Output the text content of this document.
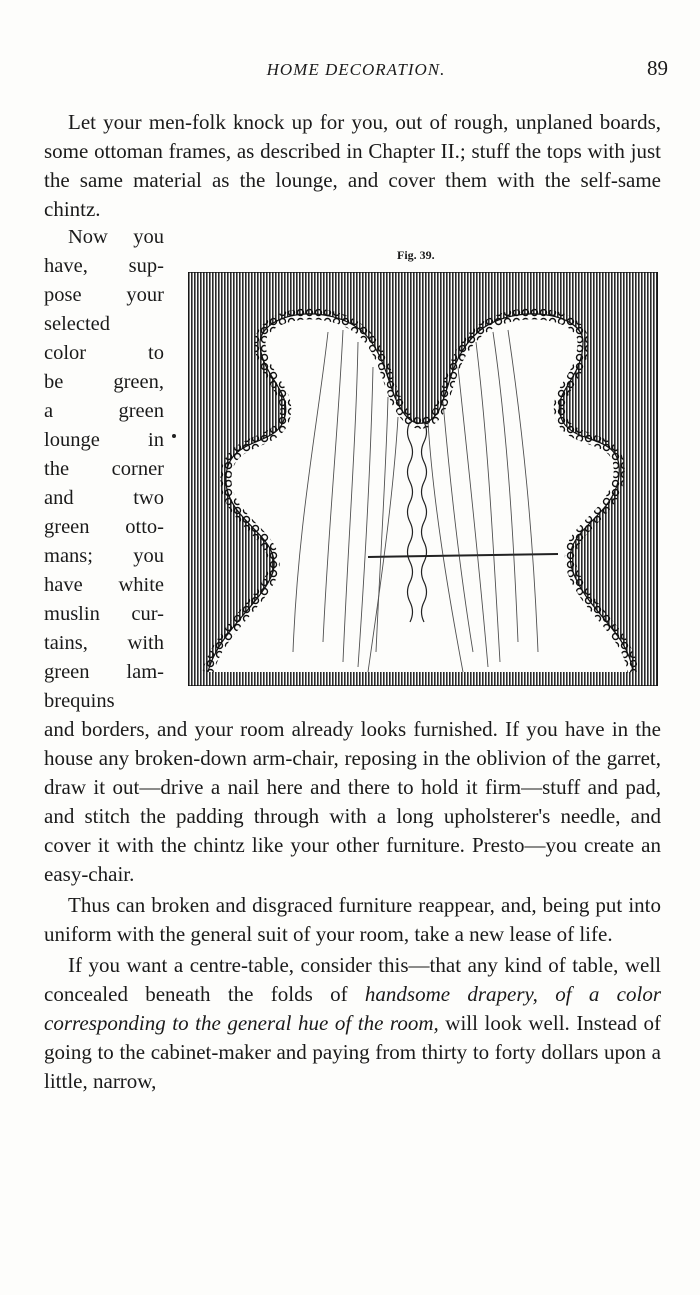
HOME DECORATION.	89

Let your men-folk knock up for you, out of rough, unplaned boards, some ottoman frames, as described in Chapter II.; stuff the tops with just the same material as the lounge, and cover them with the self-same chintz.

Now you
have, sup-
pose your
selected
color to
be green,
a green
lounge in
the corner
and two
green otto-
mans; you
have white
muslin cur-
tains, with
green lam-
brequins
Fig. 39.

and borders, and your room already looks furnished. If you have in the house any broken-down arm-chair, reposing in the oblivion of the garret, draw it out—drive a nail here and there to hold it firm—stuff and pad, and stitch the padding through with a long upholsterer's needle, and cover it with the chintz like your other furniture. Presto—you create an easy-chair.

Thus can broken and disgraced furniture reappear, and, being put into uniform with the general suit of your room, take a new lease of life.

If you want a centre-table, consider this—that any kind of table, well concealed beneath the folds of handsome drapery, of a color corresponding to the general hue of the room, will look well. Instead of going to the cabinet-maker and paying from thirty to forty dollars upon a little, narrow,
